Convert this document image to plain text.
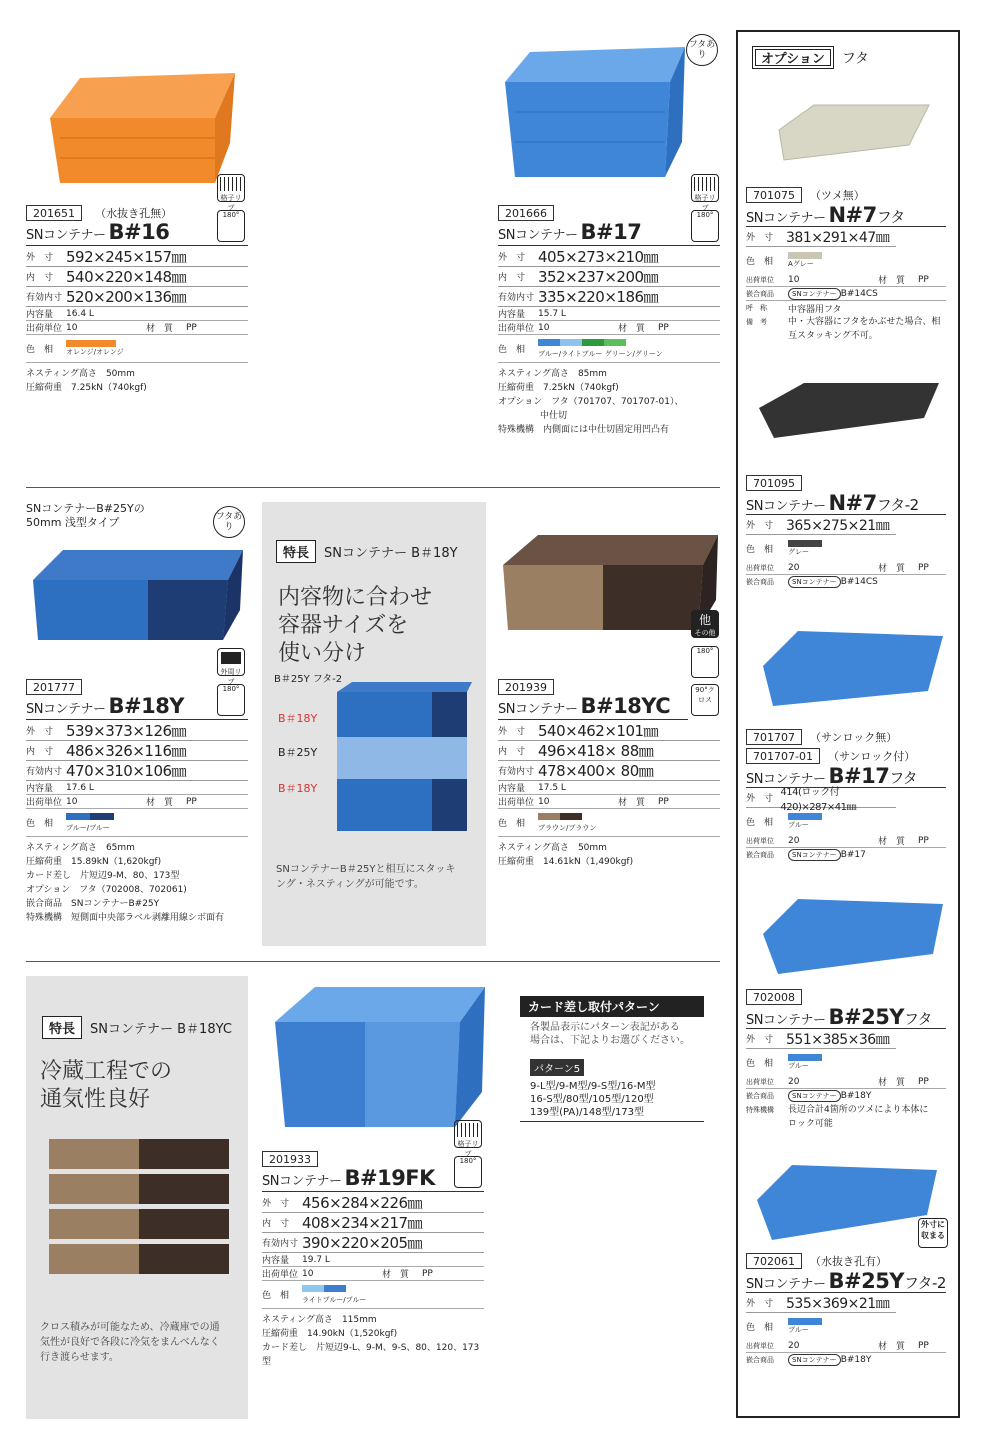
格子リブ
180°
201651 （水抜き孔無）
SNコンテナー B#16
外　寸 592×245×157㎜
内　寸 540×220×148㎜
有効内寸 520×200×136㎜
内容量	16.4 L
出荷単位 10	材　質	PP
色　相	オレンジ/オレンジ
ネスティング高さ　 50mm
圧縮荷重　 7.25kN（740kgf)
フタあり
格子リブ
180°
201666
SNコンテナー B#17
外　寸 405×273×210㎜
内　寸 352×237×200㎜
有効内寸 335×220×186㎜
内容量	15.7 L
出荷単位 10	材　質	PP
色　相	ブルー/ライトブルー グリーン/グリーン
ネスティング高さ　 85mm
圧縮荷重　 7.25kN（740kgf)
オプション　 フタ（701707、701707-01）、
中仕切
特殊機構　 内側面には中仕切固定用凹凸有
SNコンテナーB#25Yの
50mm 浅型タイプ	フタあり
外周リブ
180°
201777
SNコンテナー B#18Y
外　寸 539×373×126㎜
内　寸 486×326×116㎜
有効内寸 470×310×106㎜
内容量	17.6 L
出荷単位 10	材　質	PP
色　相	ブルー/ブルー
ネスティング高さ　 65mm
圧縮荷重　 15.89kN（1,620kgf)
カード差し　 片短辺9-M、80、173型
オプション　 フタ（702008、702061)
嵌合商品　 SNコンテナーB#25Y
特殊機構　 短側面中央部ラベル剥離用線シボ面有
特長	SNコンテナー B＃18Y
内容物に合わせ
容器サイズを
使い分け
B＃25Y フタ-2
B＃18Y
B＃25Y
B＃18Y
SNコンテナーB＃25Yと相互にスタッキ
ング・ネスティングが可能です。
他
その他
180°
90°クロス
201939
SNコンテナー B#18YC
外　寸 540×462×101㎜
内　寸 496×418× 88㎜
有効内寸 478×400× 80㎜
内容量	17.5 L
出荷単位 10	材　質	PP
色　相	ブラウン/ブラウン
ネスティング高さ　 50mm
圧縮荷重　 14.61kN（1,490kgf)
特長	SNコンテナー B＃18YC
冷蔵工程での
通気性良好
クロス積みが可能なため、冷蔵庫での通
気性が良好で各段に冷気をまんべんなく
行き渡らせます。
格子リブ
180°
201933
SNコンテナー B#19FK
外　寸 456×284×226㎜
内　寸 408×234×217㎜
有効内寸 390×220×205㎜
内容量	19.7 L
出荷単位 10	材　質	PP
色　相	ライトブルー/ブルー
ネスティング高さ　 115mm
圧縮荷重　 14.90kN（1,520kgf)
カード差し　 片短辺9-L、9-M、9-S、80、120、173型
カード差し取付パターン
各製品表示にパターン表記がある
場合は、下記よりお選びください。
パターン5
9-L型/9-M型/9-S型/16-M型
16-S型/80型/105型/120型
139型(PA)/148型/173型
オプション	フタ
701075 （ツメ無）
SNコンテナー N#7フタ
外　寸 381×291×47㎜
色　相	Aグレー
出荷単位	10	材　質	PP
嵌合商品	SNコンテナー B#14CS
呼　称	中容器用フタ
備　考	中・大容器にフタをかぶせた場合、相
互スタッキング不可。
701095
SNコンテナー N#7フタ-2
外　寸 365×275×21㎜
色　相	グレー
出荷単位	20	材　質	PP
嵌合商品	SNコンテナー B#14CS
701707 （サンロック無）
701707-01 （サンロック付）
SNコンテナー B#17フタ
外　寸
414(ロック付420)×287×41㎜
色　相	ブルー
出荷単位	20	材　質	PP
嵌合商品	SNコンテナー B#17
702008
SNコンテナー B#25Yフタ
外　寸 551×385×36㎜
色　相	ブルー
出荷単位	20	材　質	PP
嵌合商品	SNコンテナー B#18Y
特殊機構	長辺合計4箇所のツメにより本体に
ロック可能
外寸に収まる
702061 （水抜き孔有）
SNコンテナー B#25Yフタ-2
外　寸 535×369×21㎜
色　相	ブルー
出荷単位	20	材　質	PP
嵌合商品	SNコンテナー B#18Y
